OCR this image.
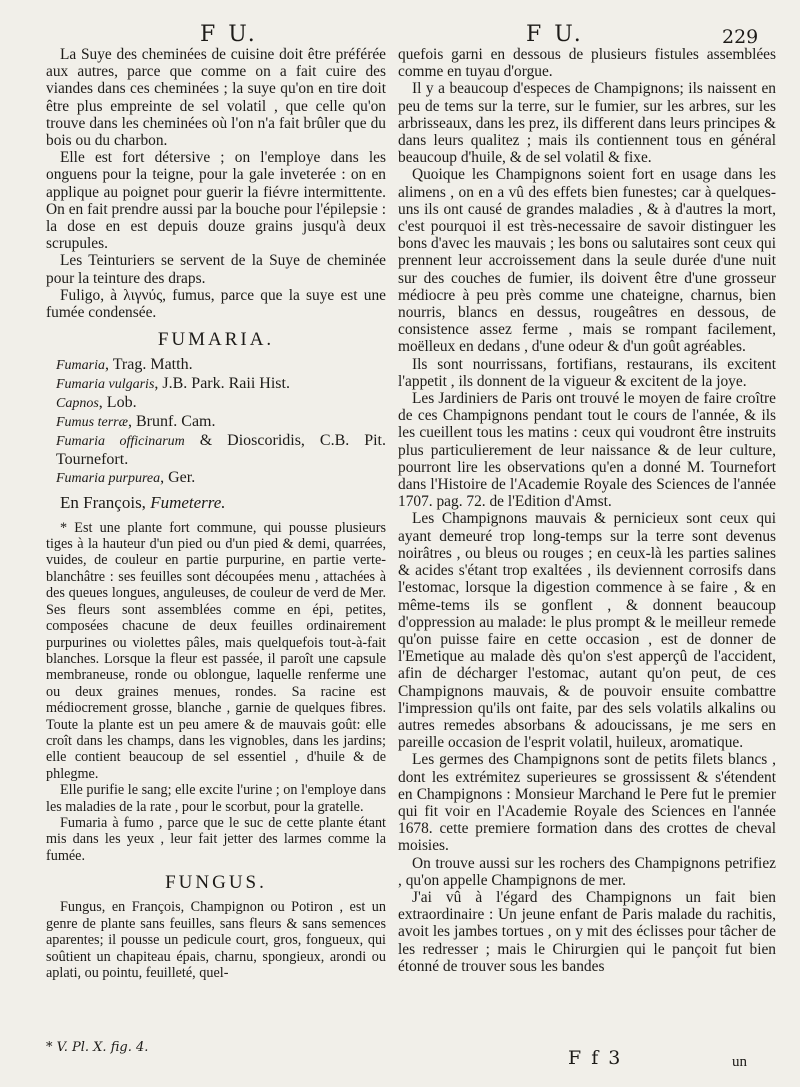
F U.	F U.	229

La Suye des cheminées de cuisine doit être préférée aux autres, parce que comme on a fait cuire des viandes dans ces cheminées ; la suye qu'on en tire doit être plus empreinte de sel volatil , que celle qu'on trouve dans les cheminées où l'on n'a fait brûler que du bois ou du charbon.

Elle est fort détersive ; on l'employe dans les onguens pour la teigne, pour la gale inveterée : on en applique au poignet pour guerir la fiévre intermittente. On en fait prendre aussi par la bouche pour l'épilepsie : la dose en est depuis douze grains jusqu'à deux scrupules.

Les Teinturiers se servent de la Suye de cheminée pour la teinture des draps.

Fuligo, à λιγνύς, fumus, parce que la suye est une fumée condensée.

FUMARIA.
Fumaria, Trag. Matth.
Fumaria vulgaris, J.B. Park. Raii Hist.
Capnos, Lob.
Fumus terræ, Brunf. Cam.
Fumaria officinarum & Dioscoridis, C.B. Pit. Tournefort.
Fumaria purpurea, Ger.
En François, Fumeterre.

* Est une plante fort commune, qui pousse plusieurs tiges à la hauteur d'un pied ou d'un pied & demi, quarrées, vuides, de couleur en partie purpurine, en partie verte-blanchâtre : ses feuilles sont découpées menu , attachées à des queues longues, anguleuses, de couleur de verd de Mer. Ses fleurs sont assemblées comme en épi, petites, composées chacune de deux feuilles ordinairement purpurines ou violettes pâles, mais quelquefois tout-à-fait blanches. Lorsque la fleur est passée, il paroît une capsule membraneuse, ronde ou oblongue, laquelle renferme une ou deux graines menues, rondes. Sa racine est médiocrement grosse, blanche , garnie de quelques fibres. Toute la plante est un peu amere & de mauvais goût: elle croît dans les champs, dans les vignobles, dans les jardins; elle contient beaucoup de sel essentiel , d'huile & de phlegme.

Elle purifie le sang; elle excite l'urine ; on l'employe dans les maladies de la rate , pour le scorbut, pour la gratelle.

Fumaria à fumo , parce que le suc de cette plante étant mis dans les yeux , leur fait jetter des larmes comme la fumée.

FUNGUS.

Fungus, en François, Champignon ou Potiron , est un genre de plante sans feuilles, sans fleurs & sans semences aparentes; il pousse un pedicule court, gros, fongueux, qui soûtient un chapiteau épais, charnu, spongieux, arondi ou aplati, ou pointu, feuilleté, quel-

* V. Pl. X. fig. 4.

quefois garni en dessous de plusieurs fistules assemblées comme en tuyau d'orgue.

Il y a beaucoup d'especes de Champignons; ils naissent en peu de tems sur la terre, sur le fumier, sur les arbres, sur les arbrisseaux, dans les prez, ils different dans leurs principes & dans leurs qualitez ; mais ils contiennent tous en général beaucoup d'huile, & de sel volatil & fixe.

Quoique les Champignons soient fort en usage dans les alimens , on en a vû des effets bien funestes; car à quelques-uns ils ont causé de grandes maladies , & à d'autres la mort, c'est pourquoi il est très-necessaire de savoir distinguer les bons d'avec les mauvais ; les bons ou salutaires sont ceux qui prennent leur accroissement dans la seule durée d'une nuit sur des couches de fumier, ils doivent être d'une grosseur médiocre à peu près comme une chateigne, charnus, bien nourris, blancs en dessus, rougeâtres en dessous, de consistence assez ferme , mais se rompant facilement, moëlleux en dedans , d'une odeur & d'un goût agréables.

Ils sont nourrissans, fortifians, restaurans, ils excitent l'appetit , ils donnent de la vigueur & excitent de la joye.

Les Jardiniers de Paris ont trouvé le moyen de faire croître de ces Champignons pendant tout le cours de l'année, & ils les cueillent tous les matins : ceux qui voudront être instruits plus particulierement de leur naissance & de leur culture, pourront lire les observations qu'en a donné M. Tournefort dans l'Histoire de l'Academie Royale des Sciences de l'année 1707. pag. 72. de l'Edition d'Amst.

Les Champignons mauvais & pernicieux sont ceux qui ayant demeuré trop long-temps sur la terre sont devenus noirâtres , ou bleus ou rouges ; en ceux-là les parties salines & acides s'étant trop exaltées , ils deviennent corrosifs dans l'estomac, lorsque la digestion commence à se faire , & en même-tems ils se gonflent , & donnent beaucoup d'oppression au malade: le plus prompt & le meilleur remede qu'on puisse faire en cette occasion , est de donner de l'Emetique au malade dès qu'on s'est apperçû de l'accident, afin de décharger l'estomac, autant qu'on peut, de ces Champignons mauvais, & de pouvoir ensuite combattre l'impression qu'ils ont faite, par des sels volatils alkalins ou autres remedes absorbans & adoucissans, je me sers en pareille occasion de l'esprit volatil, huileux, aromatique.

Les germes des Champignons sont de petits filets blancs , dont les extrémitez superieures se grossissent & s'étendent en Champignons : Monsieur Marchand le Pere fut le premier qui fit voir en l'Academie Royale des Sciences en l'année 1678. cette premiere formation dans des crottes de cheval moisies.

On trouve aussi sur les rochers des Champignons petrifiez , qu'on appelle Champignons de mer.

J'ai vû à l'égard des Champignons un fait bien extraordinaire : Un jeune enfant de Paris malade du rachitis, avoit les jambes tortues , on y mit des éclisses pour tâcher de les redresser ; mais le Chirurgien qui le pançoit fut bien étonné de trouver sous les bandes

F f 3	un
